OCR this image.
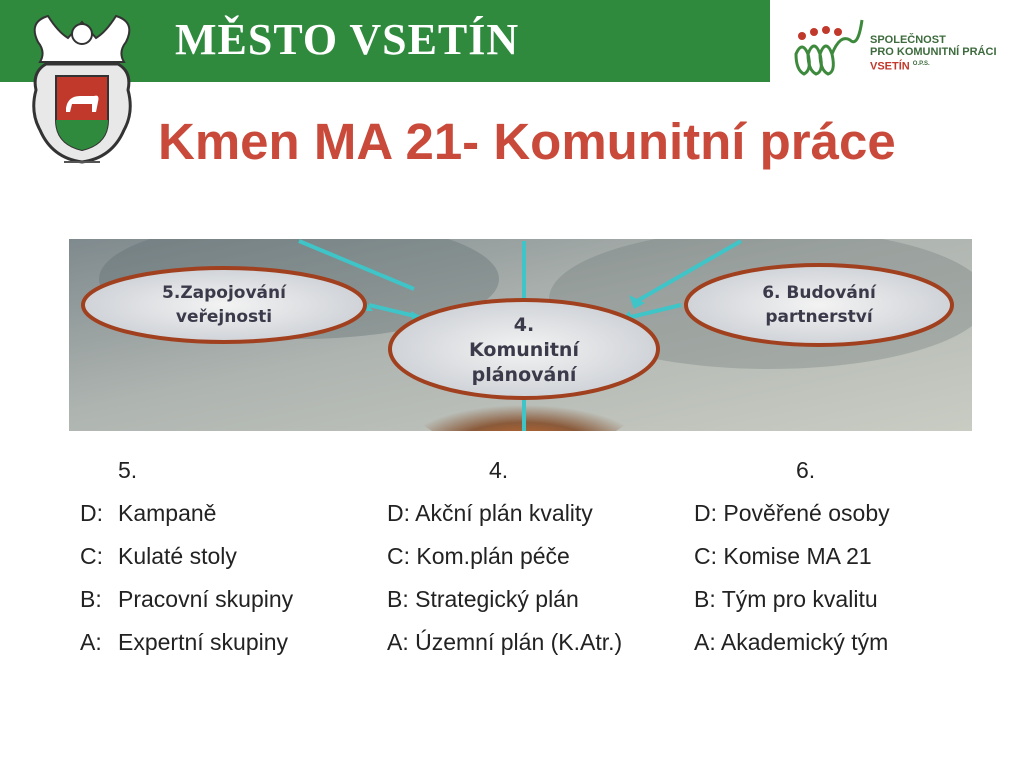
MĚSTO VSETÍN	SPOLEČNOST
PRO KOMUNITNÍ PRÁCI
VSETÍN $^{O.P.S.}$
Kmen MA 21- Komunitní práce
5.Zapojování
veřejnosti	4.
Komunitní
plánování
6. Budování
partnerství
5.
D: Kampaně
C: Kulaté stoly
B: Pracovní skupiny
A: Expertní skupiny
4.
D: Akční plán kvality
C: Kom.plán péče
B: Strategický plán
A: Územní plán (K.Atr.)
6.
D: Pověřené osoby
C: Komise MA 21
B: Tým pro kvalitu
A: Akademický tým
